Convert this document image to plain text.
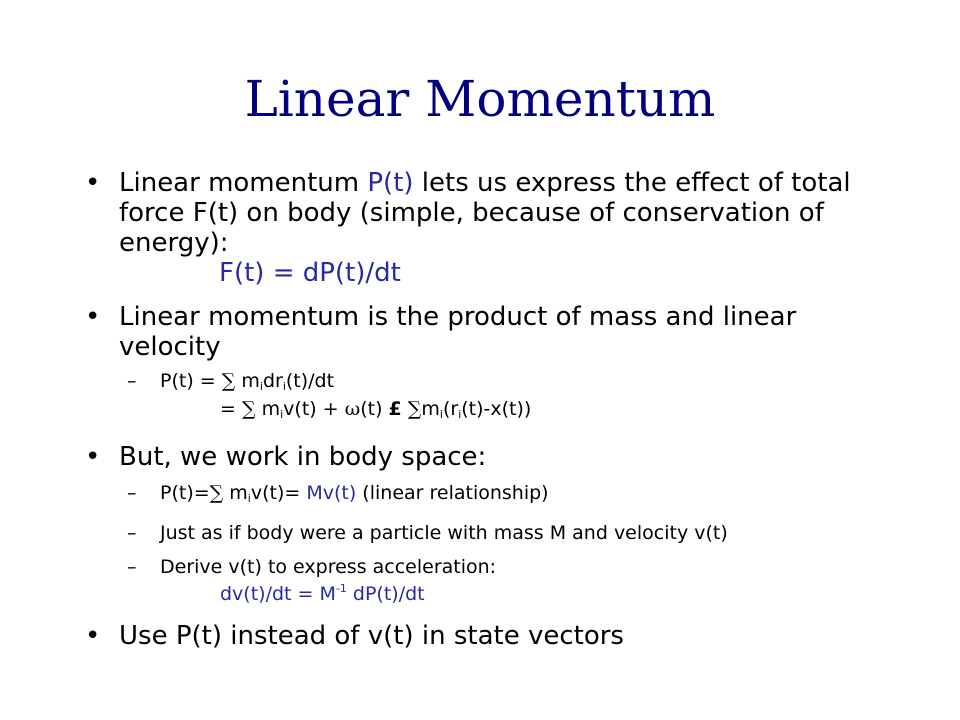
Linear Momentum
• Linear momentum P(t) lets us express the effect of total force F(t) on body (simple, because of conservation of energy):
F(t) = dP(t)/dt
• Linear momentum is the product of mass and linear velocity
– P(t) = ∑ $m_idr_i(t)/dt$
= ∑ $m_iv(t) + \omega(t)$ £ $\sum m_i(r_i(t)-x(t))$
• But, we work in body space:
– P(t)=∑ $m_iv(t)= Mv(t)$ (linear relationship)
– Just as if body were a particle with mass M and velocity v(t)
– Derive v(t) to express acceleration:
$dv(t)/dt = M^{-1}$ dP(t)/dt
• Use P(t) instead of v(t) in state vectors
